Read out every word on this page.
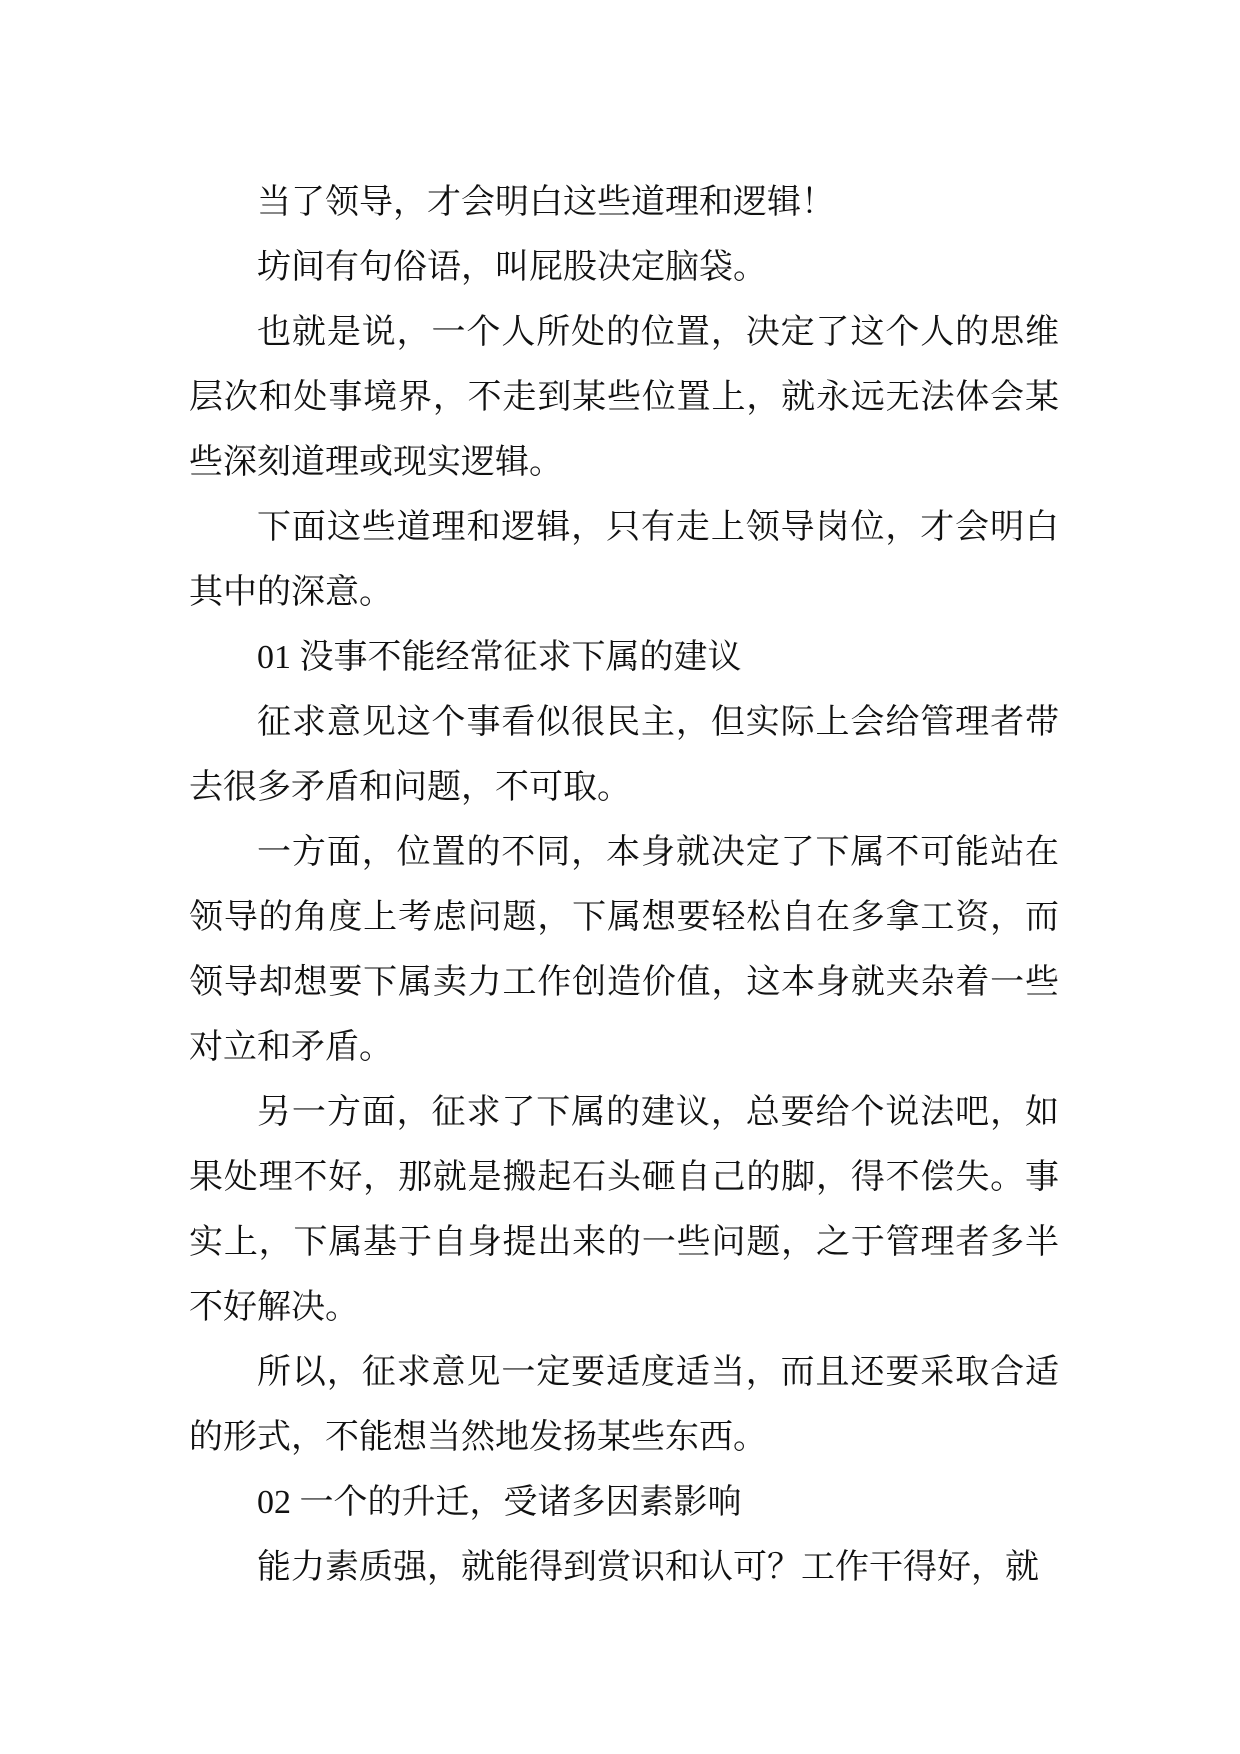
当了领导，才会明白这些道理和逻辑！

坊间有句俗语，叫屁股决定脑袋。

也就是说，一个人所处的位置，决定了这个人的思维层次和处事境界，不走到某些位置上，就永远无法体会某些深刻道理或现实逻辑。

下面这些道理和逻辑，只有走上领导岗位，才会明白其中的深意。

01 没事不能经常征求下属的建议

征求意见这个事看似很民主，但实际上会给管理者带去很多矛盾和问题，不可取。

一方面，位置的不同，本身就决定了下属不可能站在领导的角度上考虑问题，下属想要轻松自在多拿工资，而领导却想要下属卖力工作创造价值，这本身就夹杂着一些对立和矛盾。

另一方面，征求了下属的建议，总要给个说法吧，如果处理不好，那就是搬起石头砸自己的脚，得不偿失。事实上，下属基于自身提出来的一些问题，之于管理者多半不好解决。

所以，征求意见一定要适度适当，而且还要采取合适的形式，不能想当然地发扬某些东西。

02 一个的升迁，受诸多因素影响

能力素质强，就能得到赏识和认可？工作干得好，就
